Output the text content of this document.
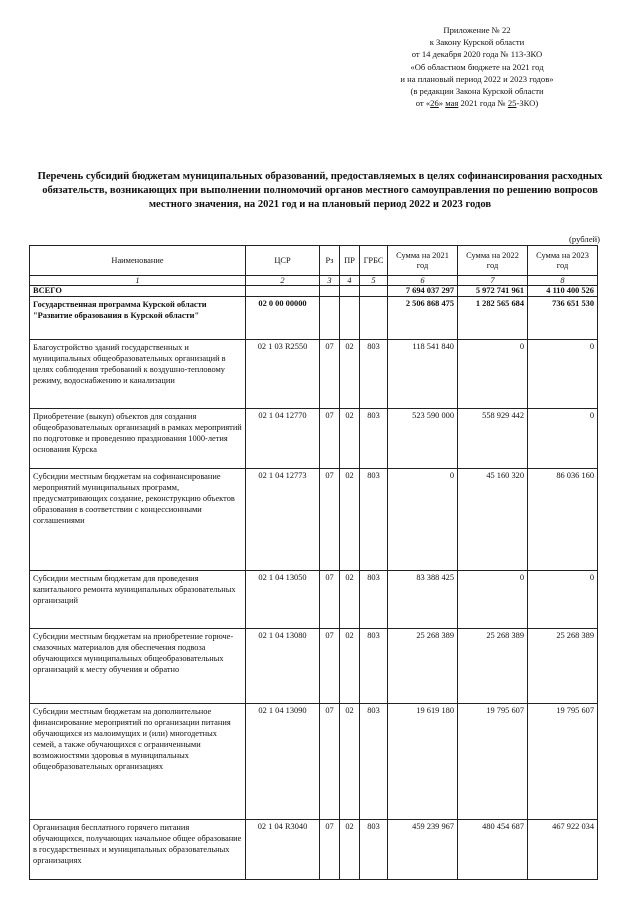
Приложение № 22
к Закону Курской области
от 14 декабря 2020 года № 113-ЗКО
«Об областном бюджете на 2021 год
и на плановый период 2022 и 2023 годов»
(в редакции Закона Курской области
от «26» мая 2021 года № 25-ЗКО)
Перечень субсидий бюджетам муниципальных образований, предоставляемых в целях софинансирования расходных обязательств, возникающих при выполнении полномочий органов местного самоуправления по решению вопросов местного значения, на 2021 год и на плановый период 2022 и 2023 годов
(рублей)
Наименование	ЦСР	Рз	ПР	ГРБС	Сумма на 2021 год	Сумма на 2022 год	Сумма на 2023 год
1	2	3	4	5	6	7	8
ВСЕГО					7 694 037 297	5 972 741 961	4 110 400 526
Государственная программа Курской области "Развитие образования в Курской области"	02 0 00 00000				2 506 868 475	1 282 565 684	736 651 530
Благоустройство зданий государственных и муниципальных общеобразовательных организаций в целях соблюдения требований к воздушно-тепловому режиму, водоснабжению и канализации	02 1 03 R2550	07	02	803	118 541 840	0	0
Приобретение (выкуп) объектов для создания общеобразовательных организаций в рамках мероприятий по подготовке и проведению празднования 1000-летия основания Курска	02 1 04 12770	07	02	803	523 590 000	558 929 442	0
Субсидии местным бюджетам на софинансирование мероприятий муниципальных программ, предусматривающих создание, реконструкцию объектов образования в соответствии с концессионными соглашениями	02 1 04 12773	07	02	803	0	45 160 320	86 036 160
Субсидии местным бюджетам для проведения капитального ремонта муниципальных образовательных организаций	02 1 04 13050	07	02	803	83 388 425	0	0
Субсидии местным бюджетам на приобретение горюче-смазочных материалов для обеспечения подвоза обучающихся муниципальных общеобразовательных организаций к месту обучения и обратно	02 1 04 13080	07	02	803	25 268 389	25 268 389	25 268 389
Субсидии местным бюджетам на дополнительное финансирование мероприятий по организации питания обучающихся из малоимущих и (или) многодетных семей, а также обучающихся с ограниченными возможностями здоровья в муниципальных общеобразовательных организациях	02 1 04 13090	07	02	803	19 619 180	19 795 607	19 795 607
Организация бесплатного горячего питания обучающихся, получающих начальное общее образование в государственных и муниципальных образовательных организациях	02 1 04 R3040	07	02	803	459 239 967	480 454 687	467 922 034
